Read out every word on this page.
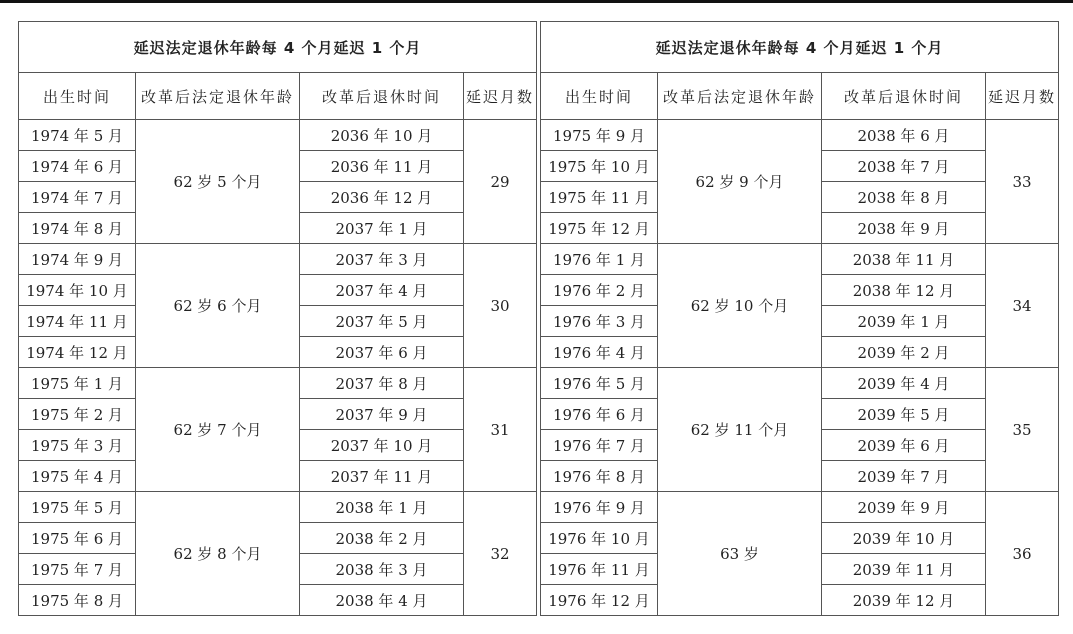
延迟法定退休年龄每 4 个月延迟 1 个月			
出生时间	改革后法定退休年龄	改革后退休时间	延迟月数
1974 年 5 月	62 岁 5 个月	2036 年 10 月	29
1974 年 6 月		2036 年 11 月	
1974 年 7 月		2036 年 12 月	
1974 年 8 月		2037 年 1 月	
1974 年 9 月	62 岁 6 个月	2037 年 3 月	30
1974 年 10 月		2037 年 4 月	
1974 年 11 月		2037 年 5 月	
1974 年 12 月		2037 年 6 月	
1975 年 1 月	62 岁 7 个月	2037 年 8 月	31
1975 年 2 月		2037 年 9 月	
1975 年 3 月		2037 年 10 月	
1975 年 4 月		2037 年 11 月	
1975 年 5 月	62 岁 8 个月	2038 年 1 月	32
1975 年 6 月		2038 年 2 月	
1975 年 7 月		2038 年 3 月	
1975 年 8 月		2038 年 4 月	
延迟法定退休年龄每 4 个月延迟 1 个月			
出生时间	改革后法定退休年龄	改革后退休时间	延迟月数
1975 年 9 月	62 岁 9 个月	2038 年 6 月	33
1975 年 10 月		2038 年 7 月	
1975 年 11 月		2038 年 8 月	
1975 年 12 月		2038 年 9 月	
1976 年 1 月	62 岁 10 个月	2038 年 11 月	34
1976 年 2 月		2038 年 12 月	
1976 年 3 月		2039 年 1 月	
1976 年 4 月		2039 年 2 月	
1976 年 5 月	62 岁 11 个月	2039 年 4 月	35
1976 年 6 月		2039 年 5 月	
1976 年 7 月		2039 年 6 月	
1976 年 8 月		2039 年 7 月	
1976 年 9 月	63 岁	2039 年 9 月	36
1976 年 10 月		2039 年 10 月	
1976 年 11 月		2039 年 11 月	
1976 年 12 月		2039 年 12 月	
